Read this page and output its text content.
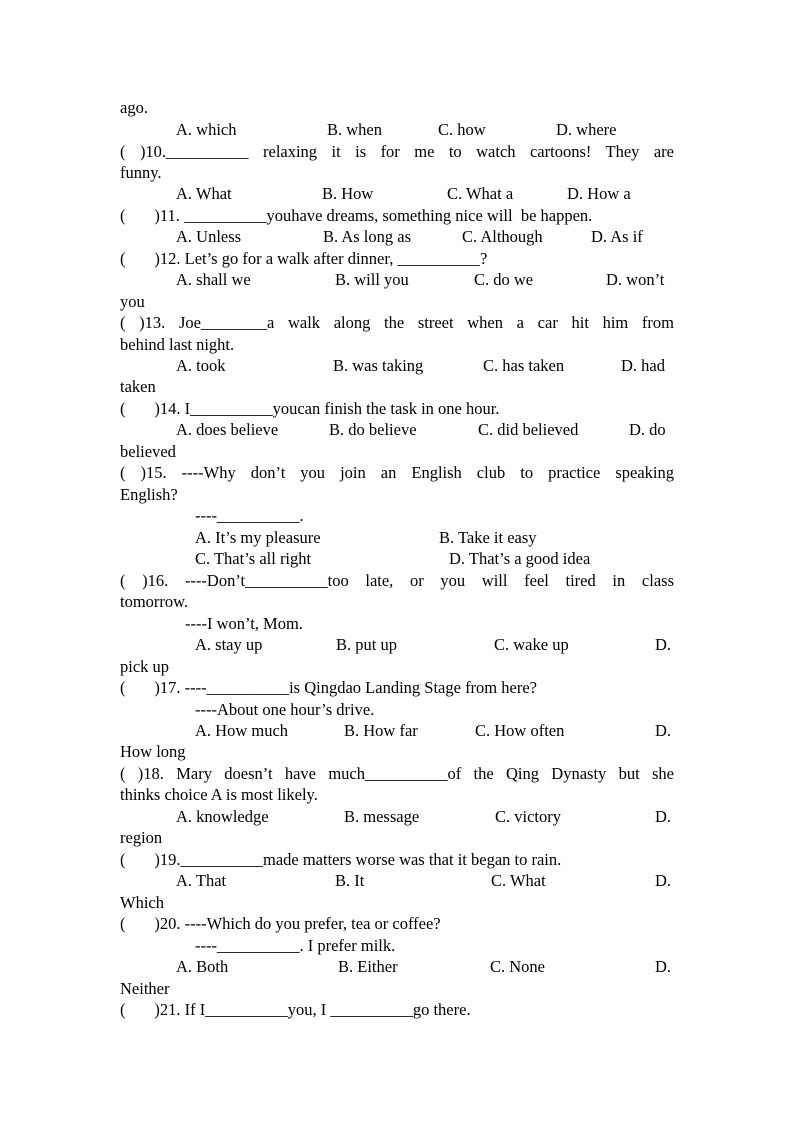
ago.
A. which	B. when	C. how	D. where
( )10.__________ relaxing it is for me to watch cartoons! They are
funny.
A. What	B. How	C. What a	D. How a
(       )11. __________youhave dreams, something nice will  be happen.
A. Unless	B. As long as	C. Although	D. As if
(       )12. Let’s go for a walk after dinner, __________?
A. shall we	B. will you	C. do we	D. won’t
you
( )13. Joe________a walk along the street when a car hit him from
behind last night.
A. took	B. was taking	C. has taken	D. had
taken
(       )14. I__________youcan finish the task in one hour.
A. does believe	B. do believe	C. did believed	D. do
believed
( )15. ----Why don’t you join an English club to practice speaking
English?
----__________.
A. It’s my pleasure	B. Take it easy
C. That’s all right	D. That’s a good idea
( )16. ----Don’t__________too late, or you will feel tired in class
tomorrow.
----I won’t, Mom.
A. stay up	B. put up	C. wake up	D.
pick up
(       )17. ----__________is Qingdao Landing Stage from here?
----About one hour’s drive.
A. How much	B. How far	C. How often	D.
How long
( )18. Mary doesn’t have much__________of the Qing Dynasty but she
thinks choice A is most likely.
A. knowledge	B. message	C. victory	D.
region
(       )19.__________made matters worse was that it began to rain.
A. That	B. It	C. What	D.
Which
(       )20. ----Which do you prefer, tea or coffee?
----__________. I prefer milk.
A. Both	B. Either	C. None	D.
Neither
(       )21. If I__________you, I __________go there.
